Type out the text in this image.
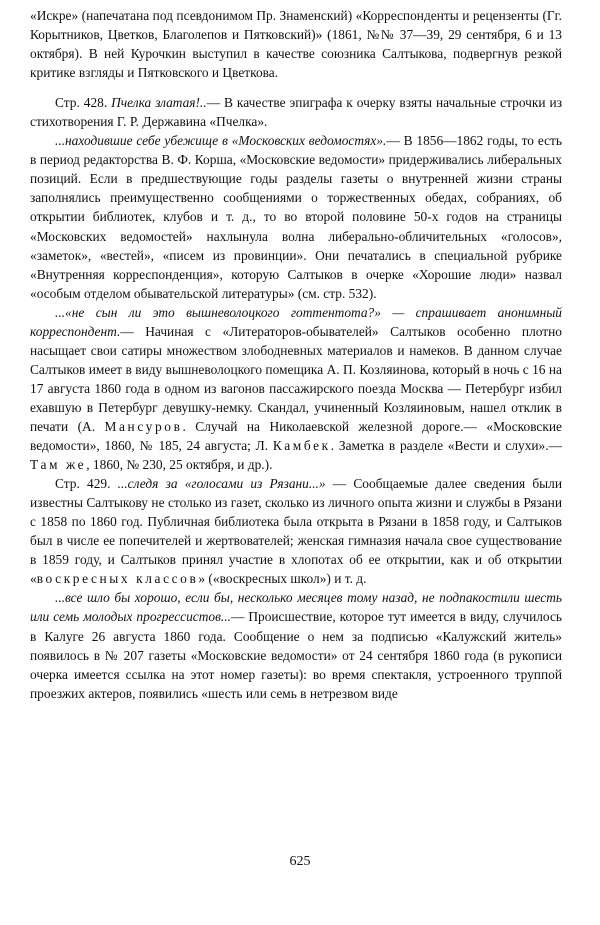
«Искре» (напечатана под псевдонимом Пр. Знаменский) «Корреспонденты и рецензенты (Гг. Корытников, Цветков, Благолепов и Пятковский)» (1861, №№ 37—39, 29 сентября, 6 и 13 октября). В ней Курочкин выступил в качестве союзника Салтыкова, подвергнув резкой критике взгляды и Пятковского и Цветкова.

Стр. 428. Пчелка златая!..— В качестве эпиграфа к очерку взяты начальные строчки из стихотворения Г. Р. Державина «Пчелка».

...находившие себе убежище в «Московских ведомостях».— В 1856—1862 годы, то есть в период редакторства В. Ф. Корша, «Московские ведомости» придерживались либеральных позиций. Если в предшествующие годы разделы газеты о внутренней жизни страны заполнялись преимущественно сообщениями о торжественных обедах, собраниях, об открытии библиотек, клубов и т. д., то во второй половине 50-х годов на страницы «Московских ведомостей» нахлынула волна либерально-обличительных «голосов», «заметок», «вестей», «писем из провинции». Они печатались в специальной рубрике «Внутренняя корреспонденция», которую Салтыков в очерке «Хорошие люди» назвал «особым отделом обывательской литературы» (см. стр. 532).

...«не сын ли это вышневолоцкого готтентота?» — спрашивает анонимный корреспондент.— Начиная с «Литераторов-обывателей» Салтыков особенно плотно насыщает свои сатиры множеством злободневных материалов и намеков. В данном случае Салтыков имеет в виду вышневолоцкого помещика А. П. Козляинова, который в ночь с 16 на 17 августа 1860 года в одном из вагонов пассажирского поезда Москва — Петербург избил ехавшую в Петербург девушку-немку. Скандал, учиненный Козляиновым, нашел отклик в печати (А. Мансуров. Случай на Николаевской железной дороге.— «Московские ведомости», 1860, № 185, 24 августа; Л. Камбек. Заметка в разделе «Вести и слухи».— Там же, 1860, № 230, 25 октября, и др.).

Стр. 429. ...следя за «голосами из Рязани...» — Сообщаемые далее сведения были известны Салтыкову не столько из газет, сколько из личного опыта жизни и службы в Рязани с 1858 по 1860 год. Публичная библиотека была открыта в Рязани в 1858 году, и Салтыков был в числе ее попечителей и жертвователей; женская гимназия начала свое существование в 1859 году, и Салтыков принял участие в хлопотах об ее открытии, как и об открытии «воскресных классов» («воскресных школ») и т. д.

...все шло бы хорошо, если бы, несколько месяцев тому назад, не подпакостили шесть или семь молодых прогрессистов...— Происшествие, которое тут имеется в виду, случилось в Калуге 26 августа 1860 года. Сообщение о нем за подписью «Калужский житель» появилось в № 207 газеты «Московские ведомости» от 24 сентября 1860 года (в рукописи очерка имеется ссылка на этот номер газеты): во время спектакля, устроенного труппой проезжих актеров, появились «шесть или семь в нетрезвом виде

625
